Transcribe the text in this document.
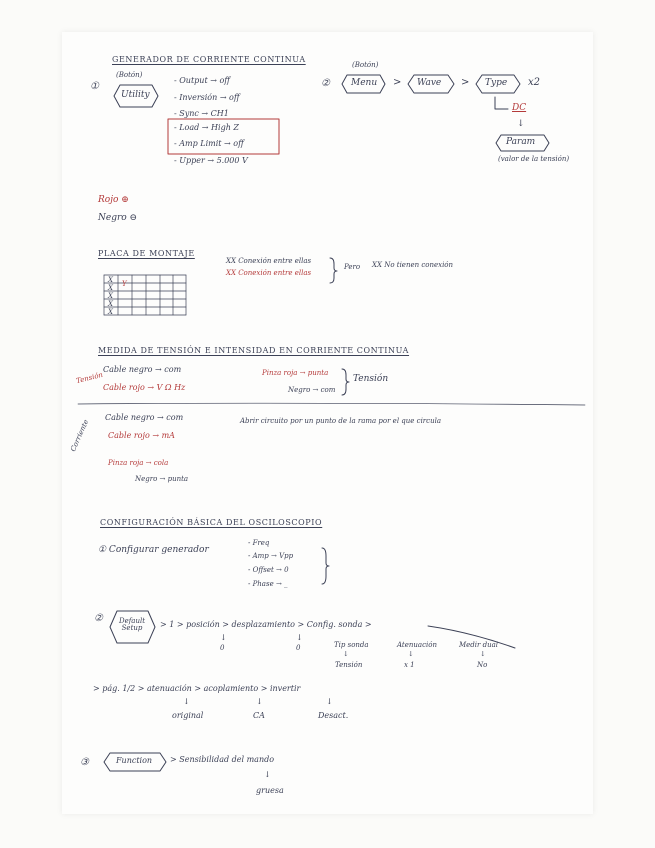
GENERADOR DE CORRIENTE CONTINUA
①
(Botón)
Utility
- Output → off
- Inversión → off
- Sync → CH1
- Load → High Z
- Amp Limit → off
- Upper → 5.000 V
②
(Botón)
Menu > Wave > Type x2
DC
↓
Param
(valor de la tensión)
Rojo ⊕
Negro ⊖
PLACA DE MONTAJE
XX Conexión entre ellas
XX Conexión entre ellas
Pero XX No tienen conexión
X
X
X
X
X
Y
MEDIDA DE TENSIÓN E INTENSIDAD EN CORRIENTE CONTINUA
Tensión
Cable negro → com
Cable rojo → V Ω Hz
Pinza roja → punta
Negro → com
Tensión
Corriente
Cable negro → com	Abrir circuito por un punto de la rama por el que circula
Cable rojo → mA
Pinza roja → cola
Negro → punta
CONFIGURACIÓN BÁSICA DEL OSCILOSCOPIO
① Configurar generador
- Freq
- Amp → Vpp
- Offset → 0
- Phase → _
② Default Setup	> 1 > posición > desplazamiento > Config. sonda >
↓
0
↓
0	Tip sonda
↓
Tensión
Atenuación
↓
x 1
Medir dual
↓
No
> pág. 1/2 > atenuación > acoplamiento > invertir
↓
original
↓
CA
↓
Desact.
③	Function > Sensibilidad del mando
↓
gruesa
